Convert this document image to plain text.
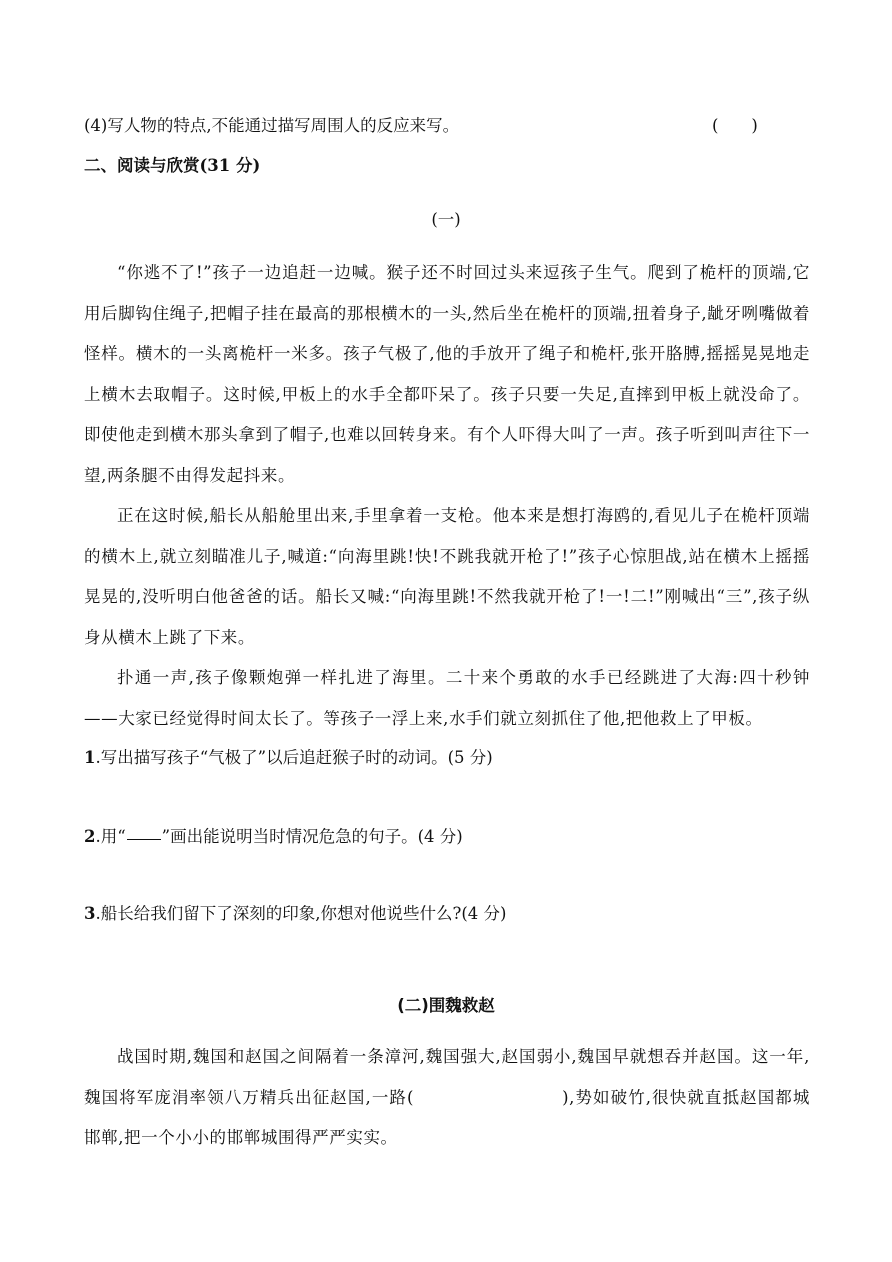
(4)写人物的特点,不能通过描写周围人的反应来写。	(　　)
二、阅读与欣赏(31 分)
(一)
“你逃不了!”孩子一边追赶一边喊。猴子还不时回过头来逗孩子生气。爬到了桅杆的顶端,它用后脚钩住绳子,把帽子挂在最高的那根横木的一头,然后坐在桅杆的顶端,扭着身子,龇牙咧嘴做着怪样。横木的一头离桅杆一米多。孩子气极了,他的手放开了绳子和桅杆,张开胳膊,摇摇晃晃地走上横木去取帽子。这时候,甲板上的水手全都吓呆了。孩子只要一失足,直摔到甲板上就没命了。即使他走到横木那头拿到了帽子,也难以回转身来。有个人吓得大叫了一声。孩子听到叫声往下一望,两条腿不由得发起抖来。
正在这时候,船长从船舱里出来,手里拿着一支枪。他本来是想打海鸥的,看见儿子在桅杆顶端的横木上,就立刻瞄准儿子,喊道:“向海里跳!快!不跳我就开枪了!”孩子心惊胆战,站在横木上摇摇晃晃的,没听明白他爸爸的话。船长又喊:“向海里跳!不然我就开枪了!一!二!”刚喊出“三”,孩子纵身从横木上跳了下来。
扑通一声,孩子像颗炮弹一样扎进了海里。二十来个勇敢的水手已经跳进了大海:四十秒钟——大家已经觉得时间太长了。等孩子一浮上来,水手们就立刻抓住了他,把他救上了甲板。
1.写出描写孩子“气极了”以后追赶猴子时的动词。(5 分)
2.用“ ”画出能说明当时情况危急的句子。(4 分)
3.船长给我们留下了深刻的印象,你想对他说些什么?(4 分)
(二)围魏救赵
战国时期,魏国和赵国之间隔着一条漳河,魏国强大,赵国弱小,魏国早就想吞并赵国。这一年,魏国将军庞涓率领八万精兵出征赵国,一路(	),势如破竹,很快就直抵赵国都城邯郸,把一个小小的邯郸城围得严严实实。
